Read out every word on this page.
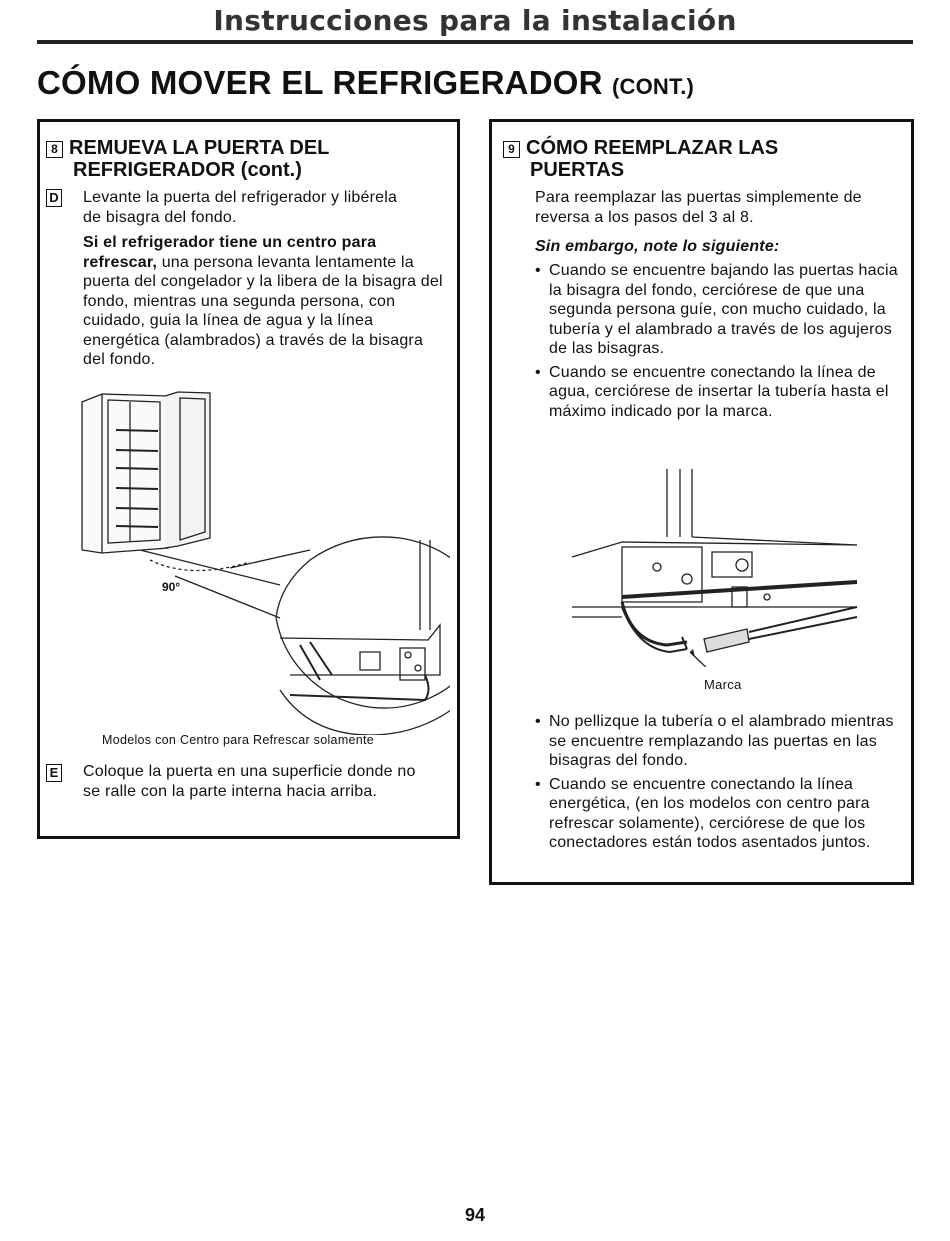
Instrucciones para la instalación
CÓMO MOVER EL REFRIGERADOR (CONT.)
8 REMUEVA LA PUERTA DEL
REFRIGERADOR (cont.)
D Levante la puerta del refrigerador y libérela de bisagra del fondo.
Si el refrigerador tiene un centro para refrescar, una persona levanta lentamente la puerta del congelador y la libera de la bisagra del fondo, mientras una segunda persona, con cuidado, guia la línea de agua y la línea energética (alambrados) a través de la bisagra del fondo.
90°
Modelos con Centro para Refrescar solamente
E Coloque la puerta en una superficie donde no se ralle con la parte interna hacia arriba.
9 CÓMO REEMPLAZAR LAS
PUERTAS
Para reemplazar las puertas simplemente de reversa a los pasos del 3 al 8.
Sin embargo, note lo siguiente:
• Cuando se encuentre bajando las puertas hacia la bisagra del fondo, cerciórese de que una segunda persona guíe, con mucho cuidado, la tubería y el alambrado a través de los agujeros de las bisagras.
• Cuando se encuentre conectando la línea de agua, cerciórese de insertar la tubería hasta el máximo indicado por la marca.
Marca
• No pellizque la tubería o el alambrado mientras se encuentre remplazando las puertas en las bisagras del fondo.
• Cuando se encuentre conectando la línea energética, (en los modelos con centro para refrescar solamente), cerciórese de que los conectadores están todos asentados juntos.
94
